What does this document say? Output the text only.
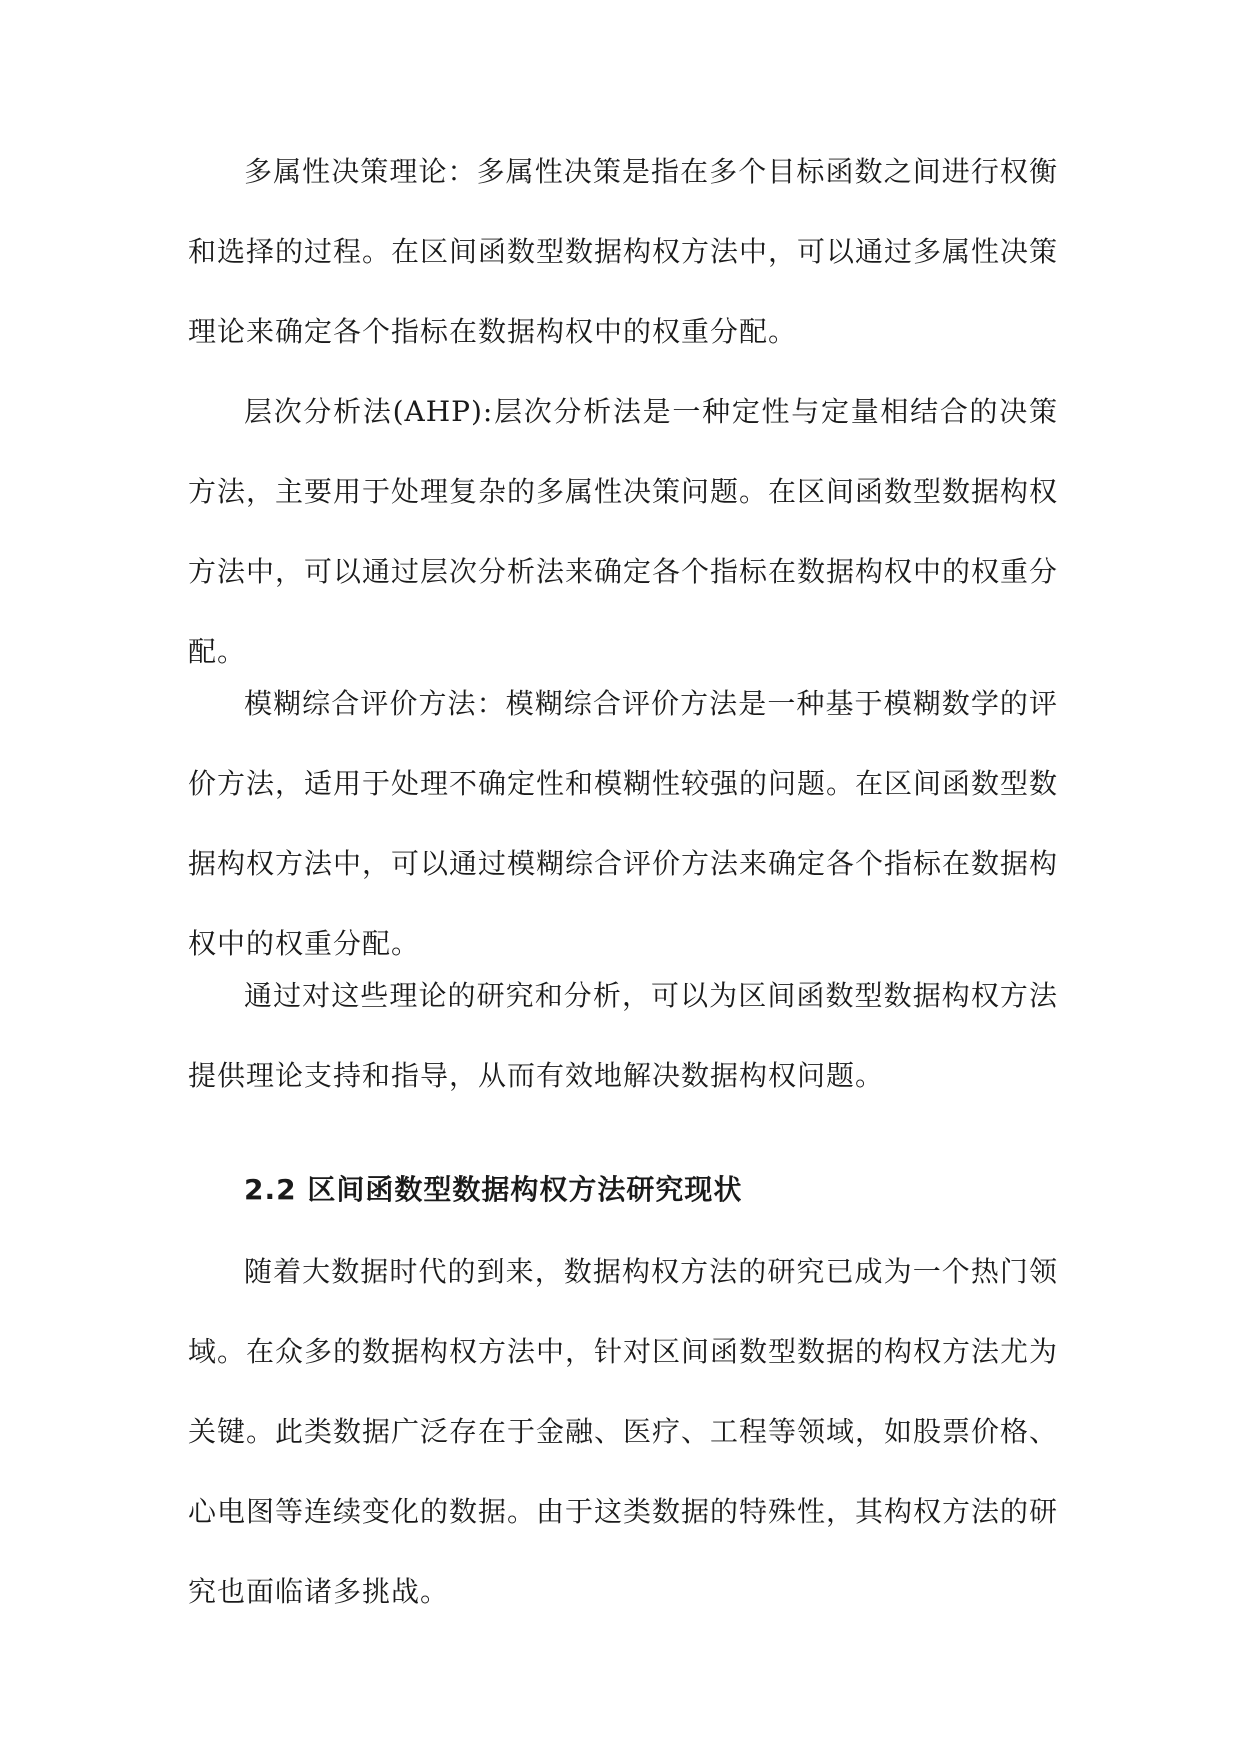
多属性决策理论：多属性决策是指在多个目标函数之间进行权衡和选择的过程。在区间函数型数据构权方法中，可以通过多属性决策理论来确定各个指标在数据构权中的权重分配。

层次分析法(AHP):层次分析法是一种定性与定量相结合的决策方法，主要用于处理复杂的多属性决策问题。在区间函数型数据构权方法中，可以通过层次分析法来确定各个指标在数据构权中的权重分配。

模糊综合评价方法：模糊综合评价方法是一种基于模糊数学的评价方法，适用于处理不确定性和模糊性较强的问题。在区间函数型数据构权方法中，可以通过模糊综合评价方法来确定各个指标在数据构权中的权重分配。

通过对这些理论的研究和分析，可以为区间函数型数据构权方法提供理论支持和指导，从而有效地解决数据构权问题。

2.2 区间函数型数据构权方法研究现状

随着大数据时代的到来，数据构权方法的研究已成为一个热门领域。在众多的数据构权方法中，针对区间函数型数据的构权方法尤为关键。此类数据广泛存在于金融、医疗、工程等领域，如股票价格、心电图等连续变化的数据。由于这类数据的特殊性，其构权方法的研究也面临诸多挑战。
